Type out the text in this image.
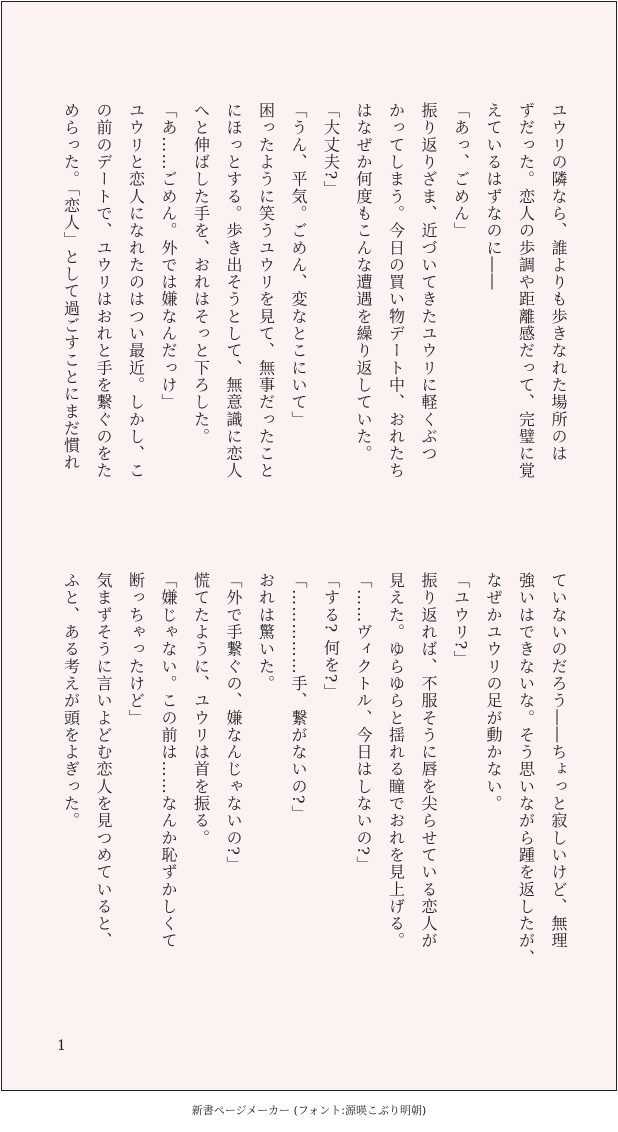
ユウリの隣なら、誰よりも歩きなれた場所のは
ずだった。恋人の歩調や距離感だって、完璧に覚
えているはずなのに――
「あっ、ごめん」
振り返りざま、近づいてきたユウリに軽くぶつ
かってしまう。今日の買い物デート中、おれたち
はなぜか何度もこんな遭遇を繰り返していた。
「大丈夫?」
「うん、平気。ごめん、変なとこにいて」
困ったように笑うユウリを見て、無事だったこと
にほっとする。歩き出そうとして、無意識に恋人
へと伸ばした手を、おれはそっと下ろした。
「あ……ごめん。外では嫌なんだっけ」
ユウリと恋人になれたのはつい最近。しかし、こ
の前のデートで、ユウリはおれと手を繋ぐのをた
めらった。「恋人」として過ごすことにまだ慣れ
ていないのだろう――ちょっと寂しいけど、無理
強いはできないな。そう思いながら踵を返したが、
なぜかユウリの足が動かない。
「ユウリ?」
振り返れば、不服そうに唇を尖らせている恋人が
見えた。ゆらゆらと揺れる瞳でおれを見上げる。
「……ヴィクトル、今日はしないの?」
「する? 何を?」
「……………手、繋がないの?」
おれは驚いた。
「外で手繋ぐの、嫌なんじゃないの?」
慌てたように、ユウリは首を振る。
「嫌じゃない。この前は……なんか恥ずかしくて
断っちゃったけど」
気まずそうに言いよどむ恋人を見つめていると、
ふと、ある考えが頭をよぎった。
1
新書ページメーカー (フォント:源暎こぶり明朝)
